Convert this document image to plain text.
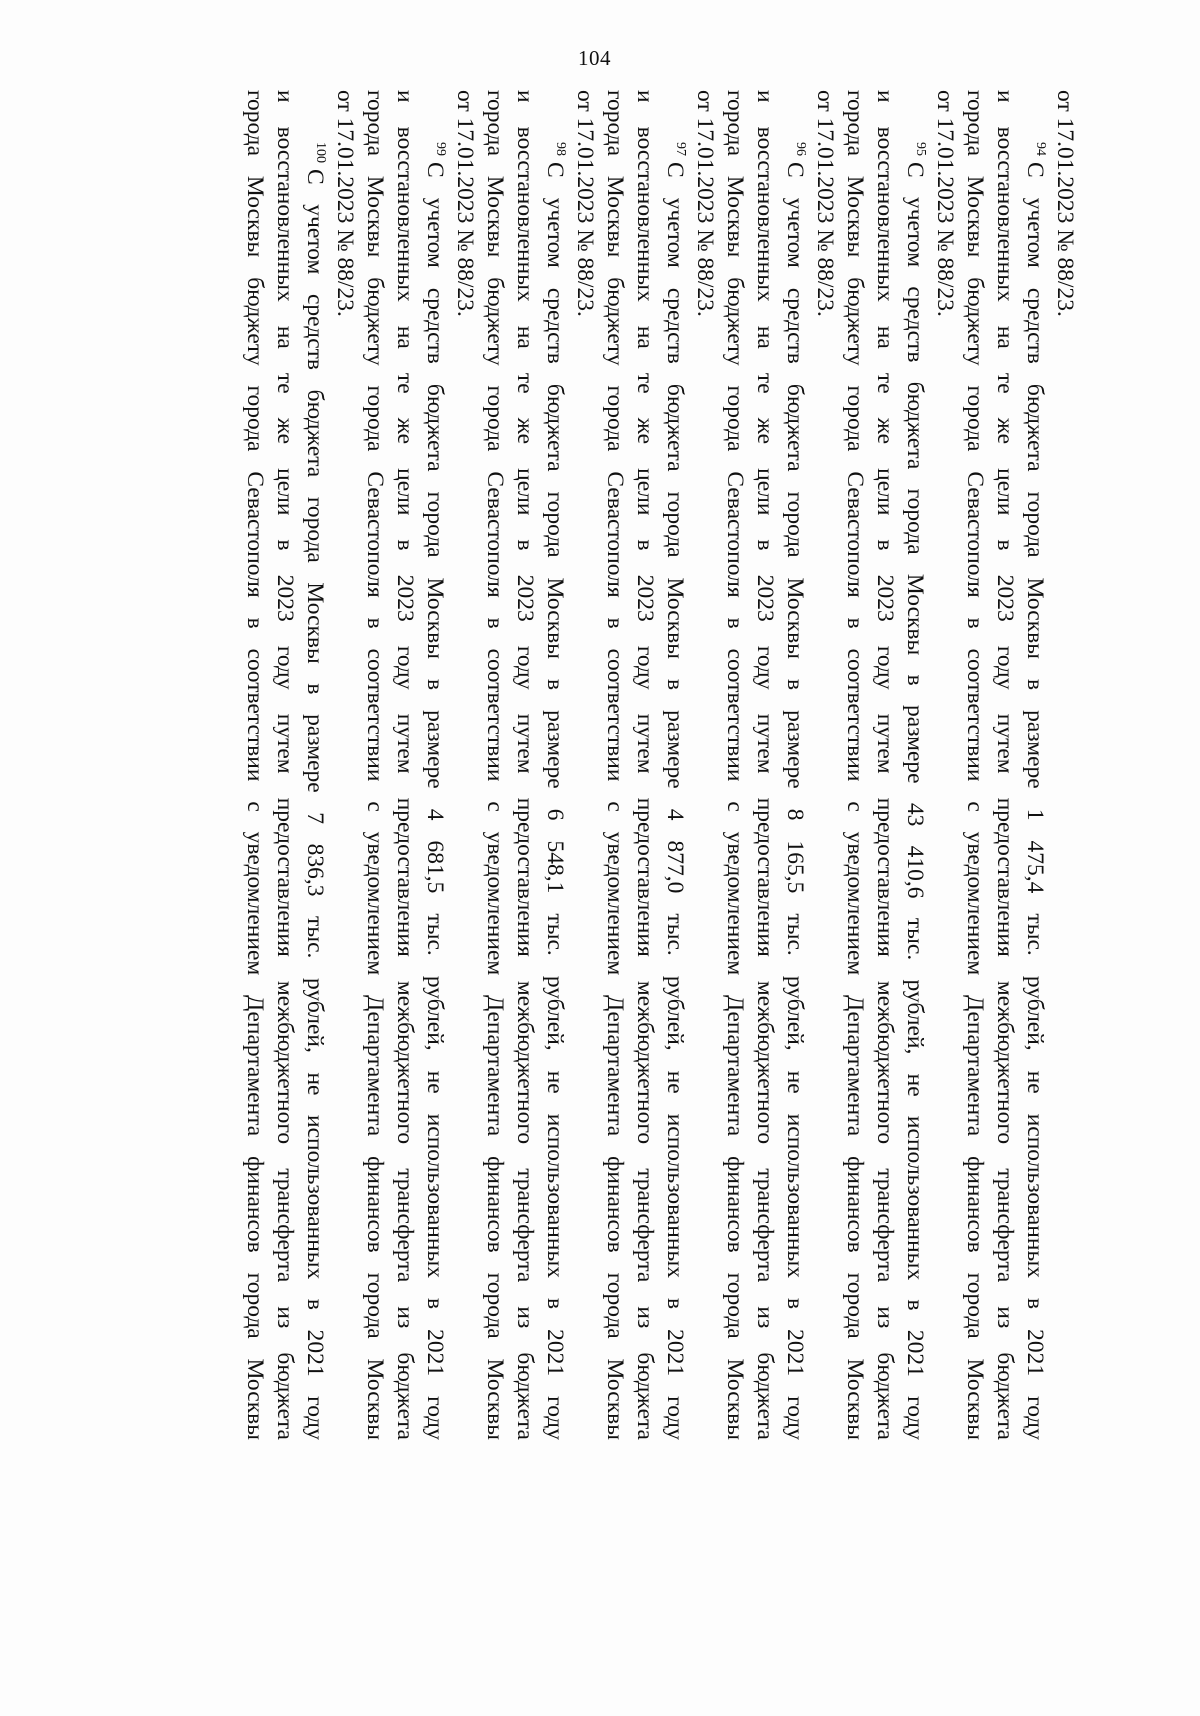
104
от 17.01.2023 № 88/23.
$^{94}$С учетом средств бюджета города Москвы в размере 1 475,4 тыс. рублей, не использованных в 2021 году
и восстановленных на те же цели в 2023 году путем предоставления межбюджетного трансферта из бюджета
города Москвы бюджету города Севастополя в соответствии с уведомлением Департамента финансов города Москвы
от 17.01.2023 № 88/23.
$^{95}$С учетом средств бюджета города Москвы в размере 43 410,6 тыс. рублей, не использованных в 2021 году
и восстановленных на те же цели в 2023 году путем предоставления межбюджетного трансферта из бюджета
города Москвы бюджету города Севастополя в соответствии с уведомлением Департамента финансов города Москвы
от 17.01.2023 № 88/23.
$^{96}$С учетом средств бюджета города Москвы в размере 8 165,5 тыс. рублей, не использованных в 2021 году
и восстановленных на те же цели в 2023 году путем предоставления межбюджетного трансферта из бюджета
города Москвы бюджету города Севастополя в соответствии с уведомлением Департамента финансов города Москвы
от 17.01.2023 № 88/23.
$^{97}$С учетом средств бюджета города Москвы в размере 4 877,0 тыс. рублей, не использованных в 2021 году
и восстановленных на те же цели в 2023 году путем предоставления межбюджетного трансферта из бюджета
города Москвы бюджету города Севастополя в соответствии с уведомлением Департамента финансов города Москвы
от 17.01.2023 № 88/23.
$^{98}$С учетом средств бюджета города Москвы в размере 6 548,1 тыс. рублей, не использованных в 2021 году
и восстановленных на те же цели в 2023 году путем предоставления межбюджетного трансферта из бюджета
города Москвы бюджету города Севастополя в соответствии с уведомлением Департамента финансов города Москвы
от 17.01.2023 № 88/23.
$^{99}$С учетом средств бюджета города Москвы в размере 4 681,5 тыс. рублей, не использованных в 2021 году
и восстановленных на те же цели в 2023 году путем предоставления межбюджетного трансферта из бюджета
города Москвы бюджету города Севастополя в соответствии с уведомлением Департамента финансов города Москвы
от 17.01.2023 № 88/23.
$^{100}$С учетом средств бюджета города Москвы в размере 7 836,3 тыс. рублей, не использованных в 2021 году
и восстановленных на те же цели в 2023 году путем предоставления межбюджетного трансферта из бюджета
города Москвы бюджету города Севастополя в соответствии с уведомлением Департамента финансов города Москвы
